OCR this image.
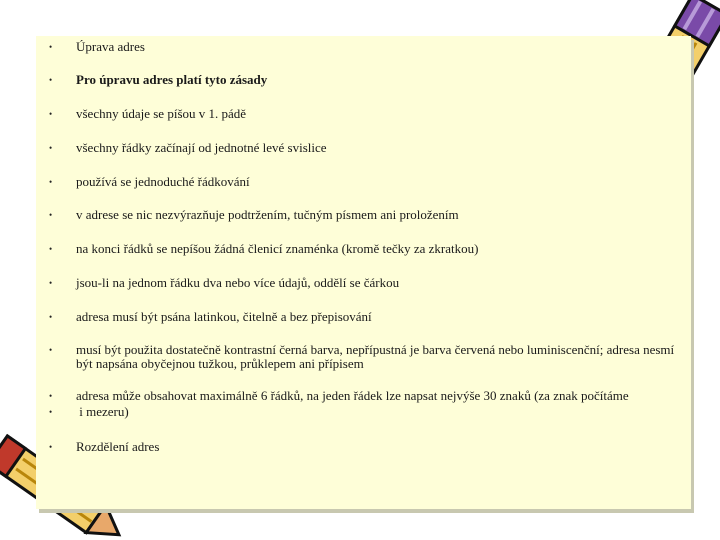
•	Úprava adres
•	Pro úpravu adres platí tyto zásady
•	všechny údaje se píšou v 1. pádě
•	všechny řádky začínají od jednotné levé svislice
•	používá se jednoduché řádkování
•	v adrese se nic nezvýrazňuje podtržením, tučným písmem ani proložením
•	na konci řádků se nepíšou žádná členicí znaménka (kromě tečky za zkratkou)
•	jsou-li na jednom řádku dva nebo více údajů, oddělí se čárkou
•	adresa musí být psána latinkou, čitelně a bez přepisování
•	musí být použita dostatečně kontrastní černá barva, nepřípustná je barva červená nebo luminiscenční; adresa nesmí být napsána obyčejnou tužkou, průklepem ani přípisem
•	adresa může obsahovat maximálně 6 řádků, na jeden řádek lze napsat nejvýše 30 znaků (za znak počítáme
•	i mezeru)
•	Rozdělení adres
